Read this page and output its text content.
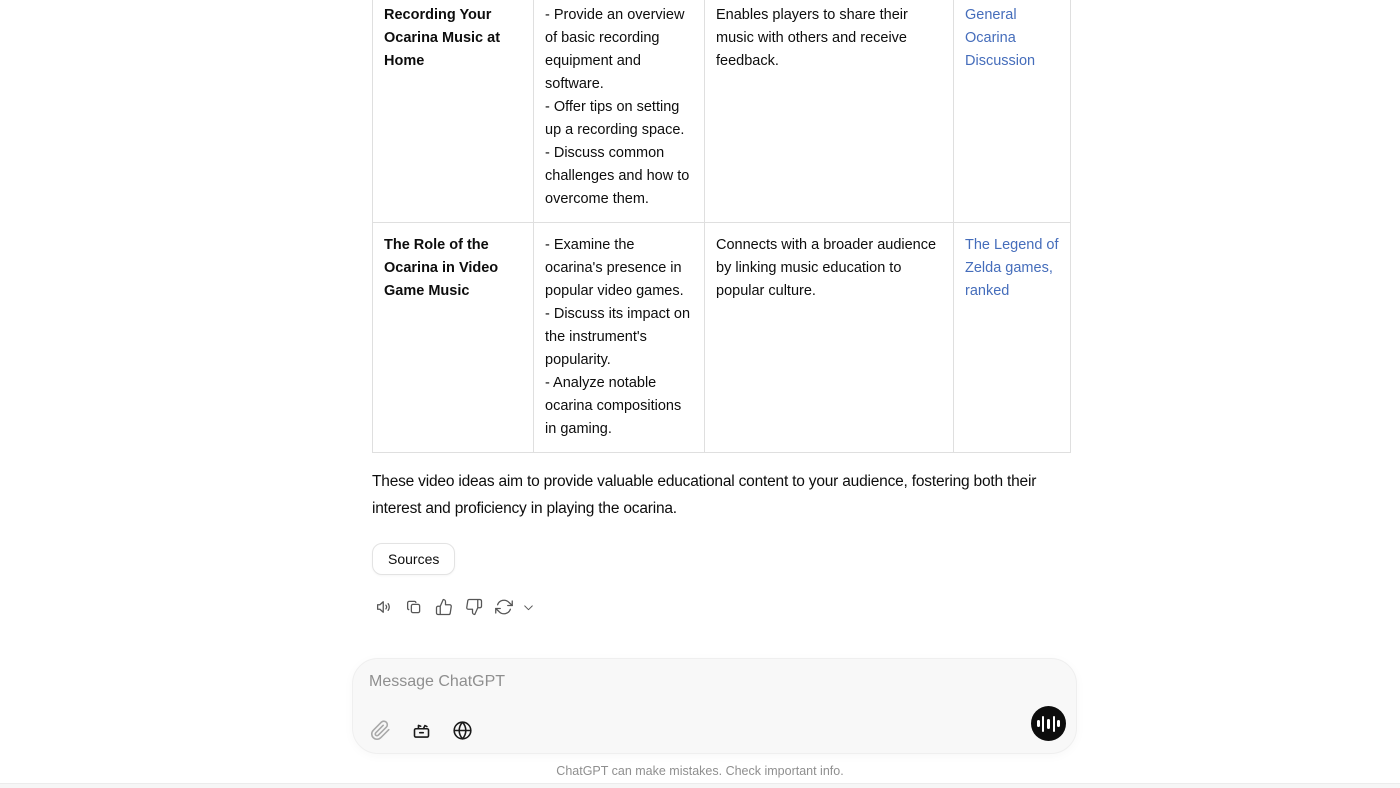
Recording Your Ocarina Music at Home	- Provide an overview of basic recording equipment and software.
- Offer tips on setting up a recording space.
- Discuss common challenges and how to overcome them.	Enables players to share their music with others and receive feedback.	General Ocarina Discussion
The Role of the Ocarina in Video Game Music	- Examine the ocarina's presence in popular video games.
- Discuss its impact on the instrument's popularity.
- Analyze notable ocarina compositions in gaming.	Connects with a broader audience by linking music education to popular culture.	The Legend of Zelda games, ranked

These video ideas aim to provide valuable educational content to your audience, fostering both their interest and proficiency in playing the ocarina.

Sources
Message ChatGPT
ChatGPT can make mistakes. Check important info.
